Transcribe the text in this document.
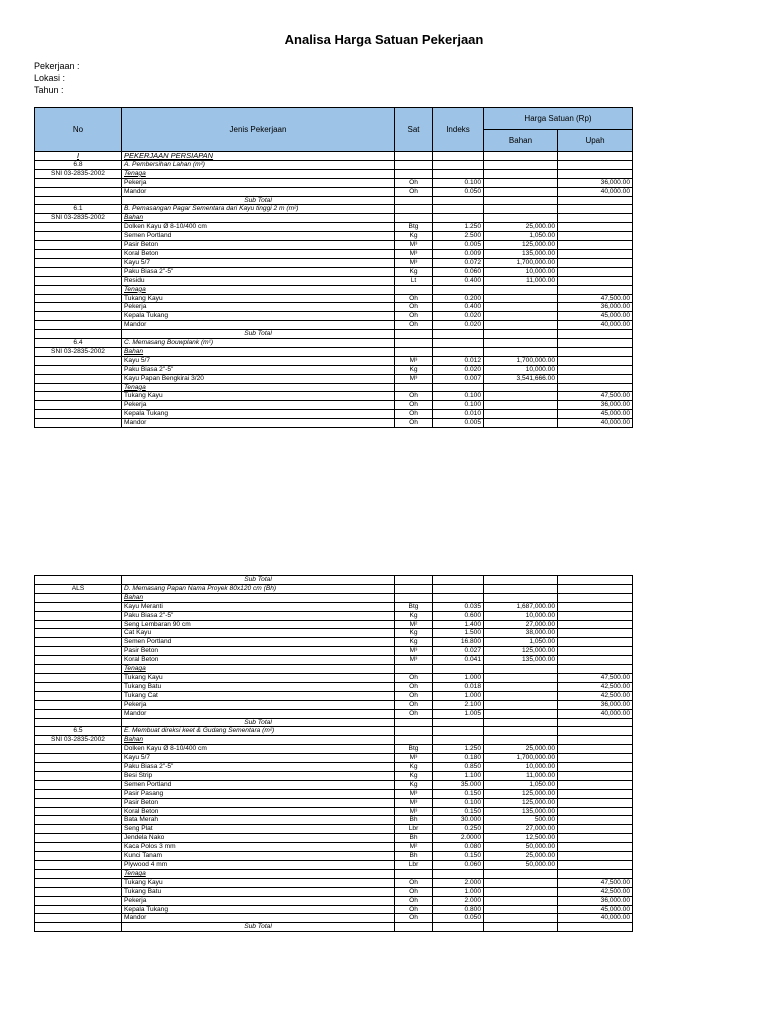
Analisa Harga Satuan Pekerjaan
Pekerjaan :
Lokasi :
Tahun :
No	Jenis Pekerjaan	Sat	Indeks	Harga Satuan (Rp)	
				Bahan	Upah
I	PEKERJAAN PERSIAPAN				
6.8	A. Pembersihan Lahan (m²)				
SNI 03-2835-2002	Tenaga				
	Pekerja	Oh	0.100		36,000.00
	Mandor	Oh	0.050		40,000.00
	Sub Total				
6.1	B. Pemasangan Pagar Sementara dari Kayu tinggi 2 m (m²)				
SNI 03-2835-2002	Bahan				
	Dolken Kayu Ø 8-10/400 cm	Btg	1.250	25,000.00	
	Semen Portland	Kg	2.500	1,050.00	
	Pasir Beton	M³	0.005	125,000.00	
	Koral Beton	M³	0.009	135,000.00	
	Kayu 5/7	M³	0.072	1,700,000.00	
	Paku Biasa 2"-5"	Kg	0.060	10,000.00	
	Residu	Lt	0.400	11,000.00	
	Tenaga				
	Tukang Kayu	Oh	0.200		47,500.00
	Pekerja	Oh	0.400		36,000.00
	Kepala Tukang	Oh	0.020		45,000.00
	Mandor	Oh	0.020		40,000.00
	Sub Total				
6.4	C. Memasang Bouwplank (m¹)				
SNI 03-2835-2002	Bahan				
	Kayu 5/7	M³	0.012	1,700,000.00	
	Paku Biasa 2"-5"	Kg	0.020	10,000.00	
	Kayu Papan Bengkirai 3/20	M³	0.007	3,541,666.00	
	Tenaga				
	Tukang Kayu	Oh	0.100		47,500.00
	Pekerja	Oh	0.100		36,000.00
	Kepala Tukang	Oh	0.010		45,000.00
	Mandor	Oh	0.005		40,000.00
	Sub Total				
ALS	D. Memasang Papan Nama Proyek 80x120 cm (Bh)				
	Bahan				
	Kayu Meranti	Btg	0.035	1,687,000.00	
	Paku Biasa 2"-5"	Kg	0.600	10,000.00	
	Seng Lembaran 90 cm	M²	1.400	27,000.00	
	Cat Kayu	Kg	1.500	38,000.00	
	Semen Portland	Kg	16.800	1,050.00	
	Pasir Beton	M³	0.027	125,000.00	
	Koral Beton	M³	0.041	135,000.00	
	Tenaga				
	Tukang Kayu	Oh	1.000		47,500.00
	Tukang Batu	Oh	0.018		42,500.00
	Tukang Cat	Oh	1.000		42,500.00
	Pekerja	Oh	2.100		36,000.00
	Mandor	Oh	1.005		40,000.00
	Sub Total				
6.5	E. Membuat direksi keet & Gudang Sementara (m²)				
SNI 03-2835-2002	Bahan				
	Dolken Kayu Ø 8-10/400 cm	Btg	1.250	25,000.00	
	Kayu 5/7	M³	0.180	1,700,000.00	
	Paku Biasa 2"-5"	Kg	0.850	10,000.00	
	Besi Strip	Kg	1.100	11,000.00	
	Semen Portland	Kg	35.000	1,050.00	
	Pasir Pasang	M³	0.150	125,000.00	
	Pasir Beton	M³	0.100	125,000.00	
	Koral Beton	M³	0.150	135,000.00	
	Bata Merah	Bh	30.000	500.00	
	Seng Plat	Lbr	0.250	27,000.00	
	Jendela Nako	Bh	2.0000	12,500.00	
	Kaca Polos 3 mm	M²	0.080	50,000.00	
	Kunci Tanam	Bh	0.150	25,000.00	
	Plywood 4 mm	Lbr	0.060	50,000.00	
	Tenaga				
	Tukang Kayu	Oh	2.000		47,500.00
	Tukang Batu	Oh	1.000		42,500.00
	Pekerja	Oh	2.000		36,000.00
	Kepala Tukang	Oh	0.800		45,000.00
	Mandor	Oh	0.050		40,000.00
	Sub Total				
